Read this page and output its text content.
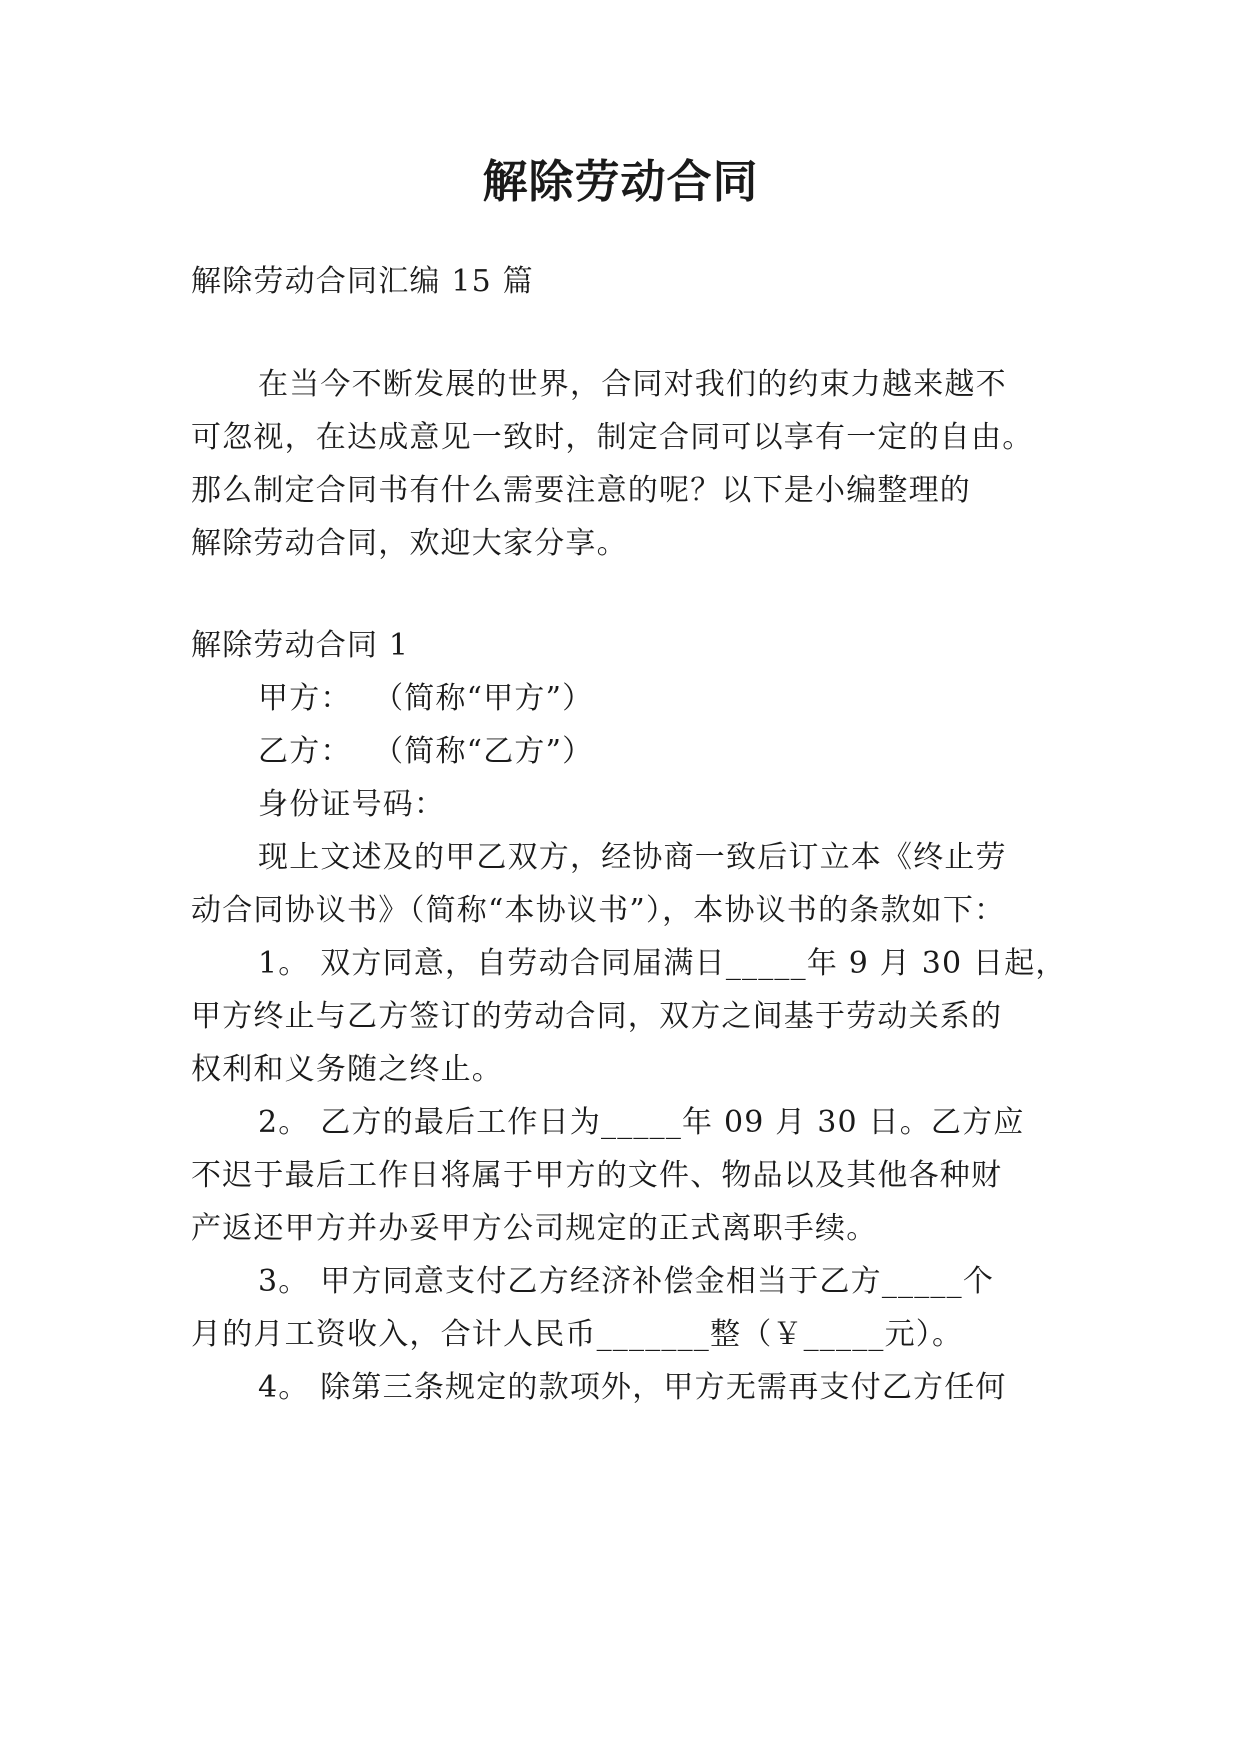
解除劳动合同
解除劳动合同汇编 15 篇
在当今不断发展的世界，合同对我们的约束力越来越不
可忽视，在达成意见一致时，制定合同可以享有一定的自由。
那么制定合同书有什么需要注意的呢？以下是小编整理的
解除劳动合同，欢迎大家分享。
解除劳动合同 1
甲方：  （简称“甲方”）
乙方：  （简称“乙方”）
身份证号码：
现上文述及的甲乙双方，经协商一致后订立本《终止劳
动合同协议书》（简称“本协议书”），本协议书的条款如下：
1。 双方同意，自劳动合同届满日_____年 9 月 30 日起，
甲方终止与乙方签订的劳动合同，双方之间基于劳动关系的
权利和义务随之终止。
2。 乙方的最后工作日为_____年 09 月 30 日。乙方应
不迟于最后工作日将属于甲方的文件、物品以及其他各种财
产返还甲方并办妥甲方公司规定的正式离职手续。
3。 甲方同意支付乙方经济补偿金相当于乙方_____个
月的月工资收入，合计人民币_______整（￥_____元）。
4。 除第三条规定的款项外，甲方无需再支付乙方任何
